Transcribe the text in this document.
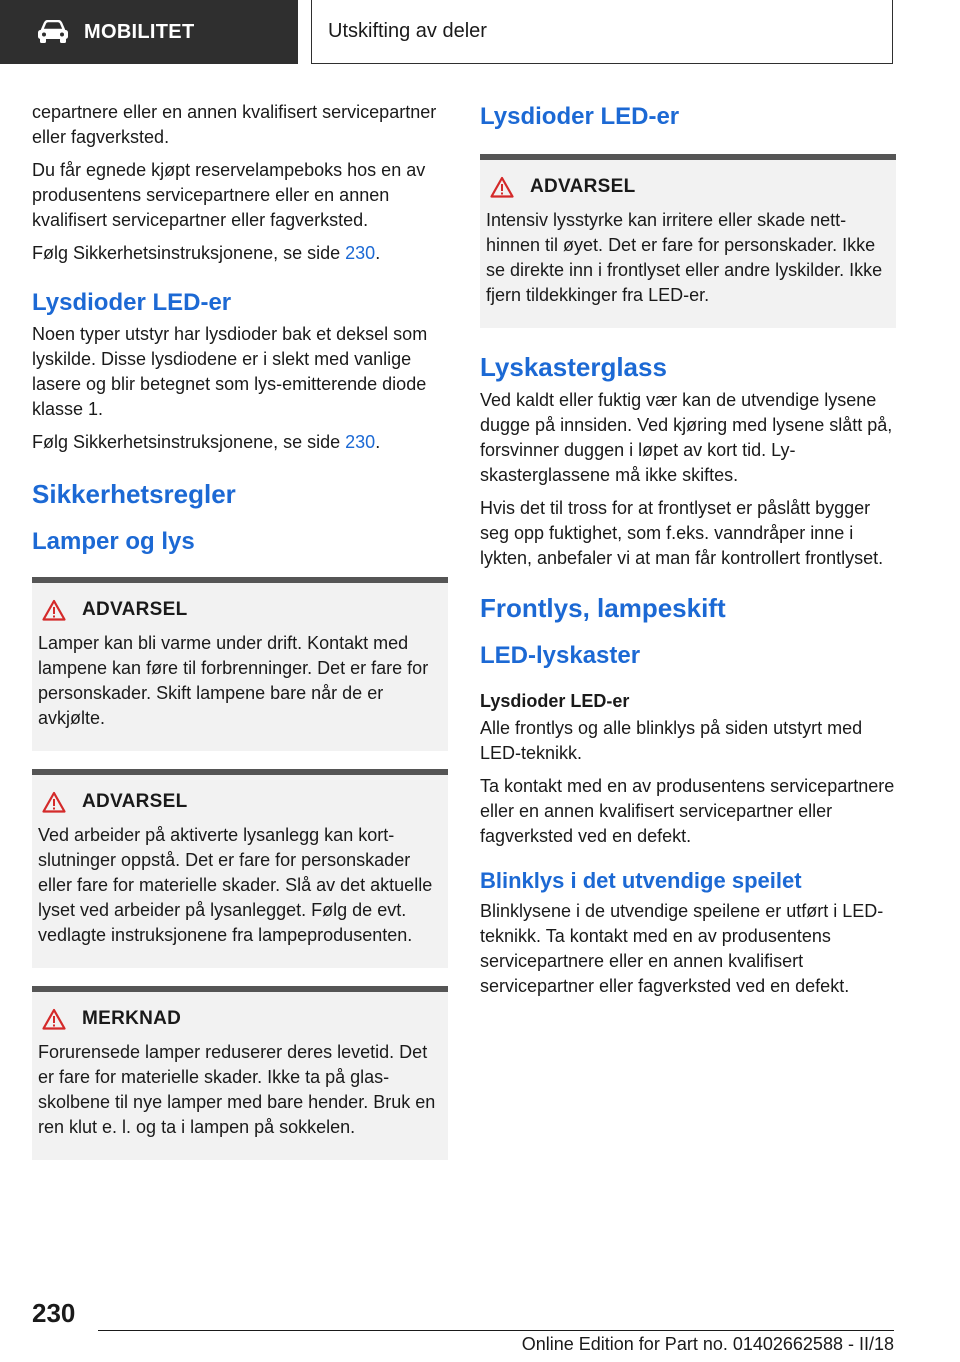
MOBILITET	Utskifting av deler

cepartnere eller en annen kvalifisert servicepartner eller fagverksted.

Du får egnede kjøpt reservelampeboks hos en av produsentens servicepartnere eller en annen kvalifisert servicepartner eller fagverksted.

Følg Sikkerhetsinstruksjonene, se side 230.

Lysdioder LED-er

Noen typer utstyr har lysdioder bak et deksel som lyskilde. Disse lysdiodene er i slekt med vanlige lasere og blir betegnet som lys-emitterende diode klasse 1.

Følg Sikkerhetsinstruksjonene, se side 230.

Sikkerhetsregler
Lamper og lys
ADVARSEL

Lamper kan bli varme under drift. Kontakt med lampene kan føre til forbrenninger. Det er fare for personskader. Skift lampene bare når de er avkjølte.

ADVARSEL

Ved arbeider på aktiverte lysanlegg kan kortslutninger oppstå. Det er fare for personskader eller fare for materielle skader. Slå av det aktuelle lyset ved arbeider på lysanlegget. Følg de evt. vedlagte instruksjonene fra lampeprodusenten.

MERKNAD

Forurensede lamper reduserer deres levetid. Det er fare for materielle skader. Ikke ta på glasskolbene til nye lamper med bare hender. Bruk en ren klut e. l. og ta i lampen på sokkelen.

Lysdioder LED-er
ADVARSEL

Intensiv lysstyrke kan irritere eller skade netthinnen til øyet. Det er fare for personskader. Ikke se direkte inn i frontlyset eller andre lyskilder. Ikke fjern tildekkinger fra LED-er.

Lyskasterglass

Ved kaldt eller fuktig vær kan de utvendige lysene dugge på innsiden. Ved kjøring med lysene slått på, forsvinner duggen i løpet av kort tid. Lyskasterglassene må ikke skiftes.

Hvis det til tross for at frontlyset er påslått bygger seg opp fuktighet, som f.eks. vanndråper inne i lykten, anbefaler vi at man får kontrollert frontlyset.

Frontlys, lampeskift
LED-lyskaster
Lysdioder LED-er

Alle frontlys og alle blinklys på siden utstyrt med LED-teknikk.

Ta kontakt med en av produsentens servicepartnere eller en annen kvalifisert servicepartner eller fagverksted ved en defekt.

Blinklys i det utvendige speilet

Blinklysene i de utvendige speilene er utført i LED-teknikk. Ta kontakt med en av produsentens servicepartnere eller en annen kvalifisert servicepartner eller fagverksted ved en defekt.

230
Online Edition for Part no. 01402662588 - II/18
